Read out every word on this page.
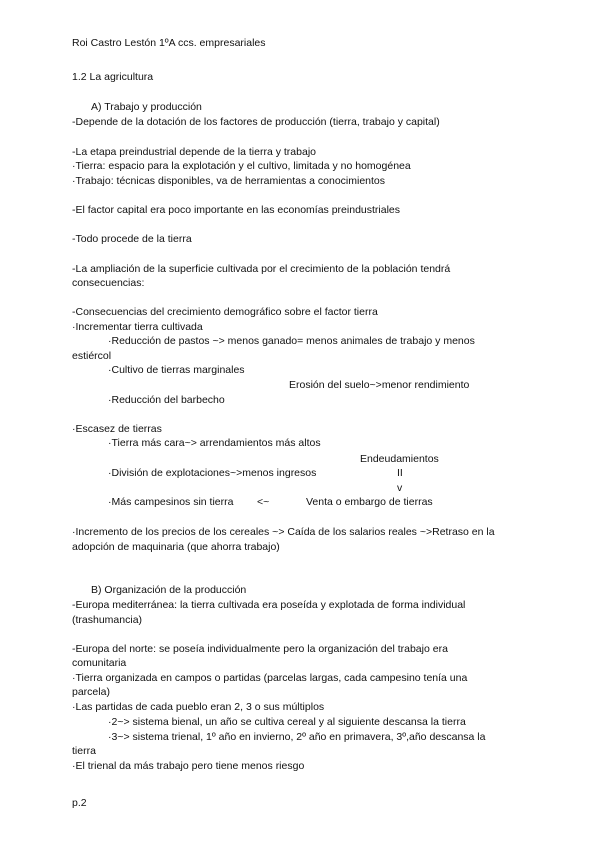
Roi Castro Lestón 1ºA ccs. empresariales
1.2 La agricultura
A) Trabajo y producción
-Depende de la dotación de los factores de producción (tierra, trabajo y capital)
-La etapa preindustrial depende de la tierra y trabajo
·Tierra: espacio para la explotación y el cultivo, limitada y no homogénea
·Trabajo: técnicas disponibles, va de herramientas a conocimientos
-El factor capital era poco importante en las economías preindustriales
-Todo procede de la tierra
-La ampliación de la superficie cultivada por el crecimiento de la población tendrá
consecuencias:
-Consecuencias del crecimiento demográfico sobre el factor tierra
·Incrementar tierra cultivada
·Reducción de pastos ~> menos ganado= menos animales de trabajo y menos
estiércol
·Cultivo de tierras marginales
Erosión del suelo~>menor rendimiento
·Reducción del barbecho
·Escasez de tierras
·Tierra más cara~> arrendamientos más altos
Endeudamientos
·División de explotaciones~>menos ingresos	II
v
·Más campesinos sin tierra <~	Venta o embargo de tierras
·Incremento de los precios de los cereales ~> Caída de los salarios reales ~>Retraso en la
adopción de maquinaria (que ahorra trabajo)
B) Organización de la producción
-Europa mediterránea: la tierra cultivada era poseída y explotada de forma individual
(trashumancia)
-Europa del norte: se poseía individualmente pero la organización del trabajo era
comunitaria
·Tierra organizada en campos o partidas (parcelas largas, cada campesino tenía una
parcela)
·Las partidas de cada pueblo eran 2, 3 o sus múltiplos
·2~> sistema bienal, un año se cultiva cereal y al siguiente descansa la tierra
·3~> sistema trienal, 1º año en invierno, 2º año en primavera, 3º,año descansa la
tierra
·El trienal da más trabajo pero tiene menos riesgo
p.2
